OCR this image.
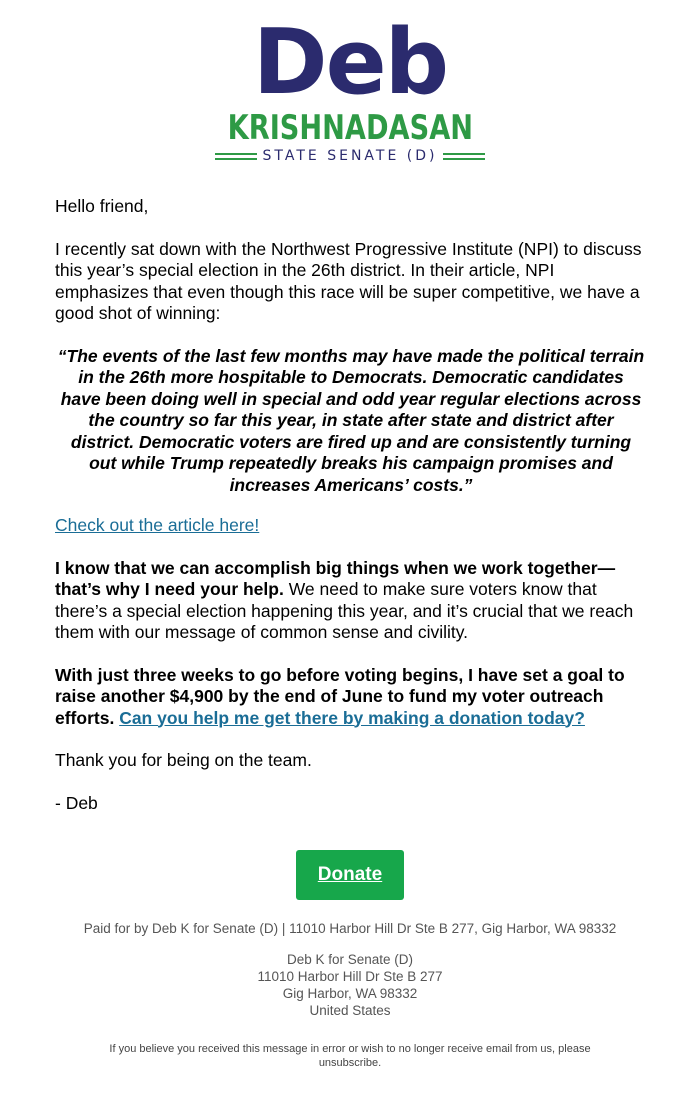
Deb
KRISHNADASAN
STATE SENATE (D)

Hello friend,

I recently sat down with the Northwest Progressive Institute (NPI) to discuss this year’s special election in the 26th district. In their article, NPI emphasizes that even though this race will be super competitive, we have a good shot of winning:

“The events of the last few months may have made the political terrain in the 26th more hospitable to Democrats. Democratic candidates have been doing well in special and odd year regular elections across the country so far this year, in state after state and district after district. Democratic voters are fired up and are consistently turning out while Trump repeatedly breaks his campaign promises and increases Americans’ costs.”

Check out the article here!

I know that we can accomplish big things when we work together—that’s why I need your help. We need to make sure voters know that there’s a special election happening this year, and it’s crucial that we reach them with our message of common sense and civility.

With just three weeks to go before voting begins, I have set a goal to raise another $4,900 by the end of June to fund my voter outreach efforts. Can you help me get there by making a donation today?

Thank you for being on the team.

- Deb

Donate
Paid for by Deb K for Senate (D) | 11010 Harbor Hill Dr Ste B 277, Gig Harbor, WA 98332
Deb K for Senate (D)
11010 Harbor Hill Dr Ste B 277
Gig Harbor, WA 98332
United States
If you believe you received this message in error or wish to no longer receive email from us, please unsubscribe.
